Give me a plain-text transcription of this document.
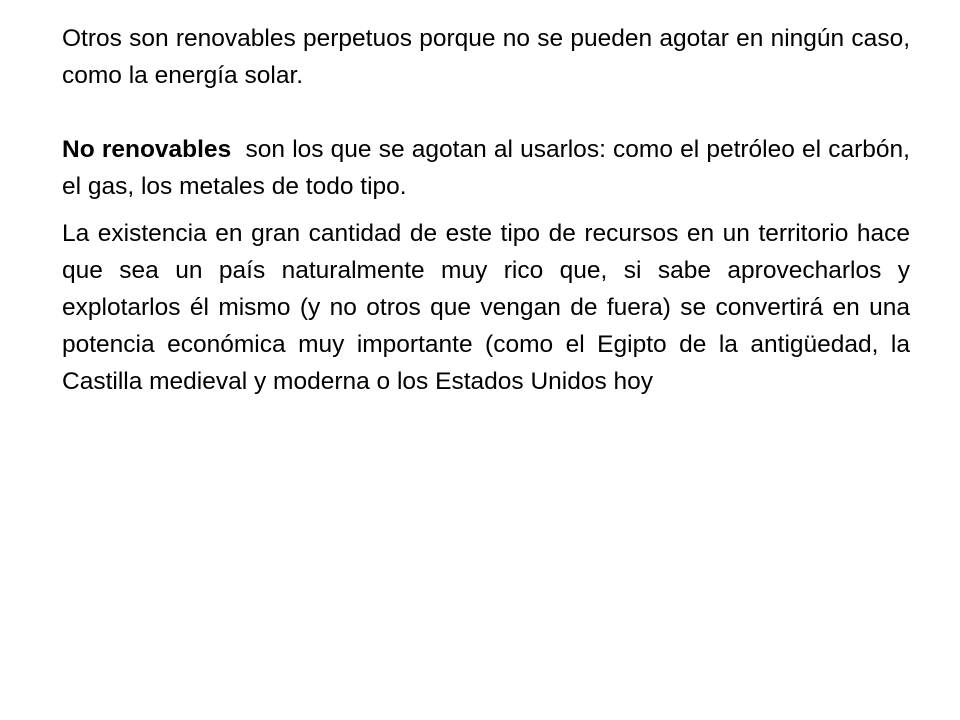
Otros son renovables perpetuos porque no se pueden agotar en ningún caso, como la energía solar.

No renovables  son los que se agotan al usarlos: como el petróleo el carbón, el gas, los metales de todo tipo.

La existencia en gran cantidad de este tipo de recursos en un territorio hace que sea un país naturalmente muy rico que, si sabe aprovecharlos y explotarlos él mismo (y no otros que vengan de fuera) se convertirá en una potencia económica muy importante (como el Egipto de la antigüedad, la Castilla medieval y moderna o los Estados Unidos hoy
